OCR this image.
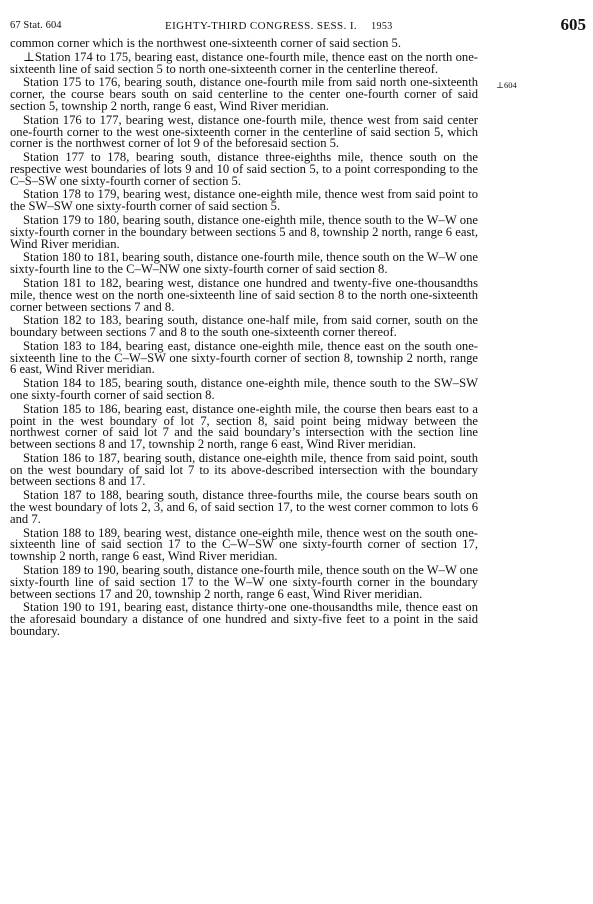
67 Stat. 604	EIGHTY-THIRD CONGRESS. SESS. I. 1953	605
⊥604

common corner which is the northwest one-sixteenth corner of said section 5.

⊥Station 174 to 175, bearing east, distance one-fourth mile, thence east on the north one-sixteenth line of said section 5 to north one-sixteenth corner in the centerline thereof.

Station 175 to 176, bearing south, distance one-fourth mile from said north one-sixteenth corner, the course bears south on said centerline to the center one-fourth corner of said section 5, township 2 north, range 6 east, Wind River meridian.

Station 176 to 177, bearing west, distance one-fourth mile, thence west from said center one-fourth corner to the west one-sixteenth corner in the centerline of said section 5, which corner is the northwest corner of lot 9 of the beforesaid section 5.

Station 177 to 178, bearing south, distance three-eighths mile, thence south on the respective west boundaries of lots 9 and 10 of said section 5, to a point corresponding to the C–S–SW one sixty-fourth corner of section 5.

Station 178 to 179, bearing west, distance one-eighth mile, thence west from said point to the SW–SW one sixty-fourth corner of said section 5.

Station 179 to 180, bearing south, distance one-eighth mile, thence south to the W–W one sixty-fourth corner in the boundary between sections 5 and 8, township 2 north, range 6 east, Wind River meridian.

Station 180 to 181, bearing south, distance one-fourth mile, thence south on the W–W one sixty-fourth line to the C–W–NW one sixty-fourth corner of said section 8.

Station 181 to 182, bearing west, distance one hundred and twenty-five one-thousandths mile, thence west on the north one-sixteenth line of said section 8 to the north one-sixteenth corner between sections 7 and 8.

Station 182 to 183, bearing south, distance one-half mile, from said corner, south on the boundary between sections 7 and 8 to the south one-sixteenth corner thereof.

Station 183 to 184, bearing east, distance one-eighth mile, thence east on the south one-sixteenth line to the C–W–SW one sixty-fourth corner of section 8, township 2 north, range 6 east, Wind River meridian.

Station 184 to 185, bearing south, distance one-eighth mile, thence south to the SW–SW one sixty-fourth corner of said section 8.

Station 185 to 186, bearing east, distance one-eighth mile, the course then bears east to a point in the west boundary of lot 7, section 8, said point being midway between the northwest corner of said lot 7 and the said boundary’s intersection with the section line between sections 8 and 17, township 2 north, range 6 east, Wind River meridian.

Station 186 to 187, bearing south, distance one-eighth mile, thence from said point, south on the west boundary of said lot 7 to its above-described intersection with the boundary between sections 8 and 17.

Station 187 to 188, bearing south, distance three-fourths mile, the course bears south on the west boundary of lots 2, 3, and 6, of said section 17, to the west corner common to lots 6 and 7.

Station 188 to 189, bearing west, distance one-eighth mile, thence west on the south one-sixteenth line of said section 17 to the C–W–SW one sixty-fourth corner of section 17, township 2 north, range 6 east, Wind River meridian.

Station 189 to 190, bearing south, distance one-fourth mile, thence south on the W–W one sixty-fourth line of said section 17 to the W–W one sixty-fourth corner in the boundary between sections 17 and 20, township 2 north, range 6 east, Wind River meridian.

Station 190 to 191, bearing east, distance thirty-one one-thousandths mile, thence east on the aforesaid boundary a distance of one hundred and sixty-five feet to a point in the said boundary.
